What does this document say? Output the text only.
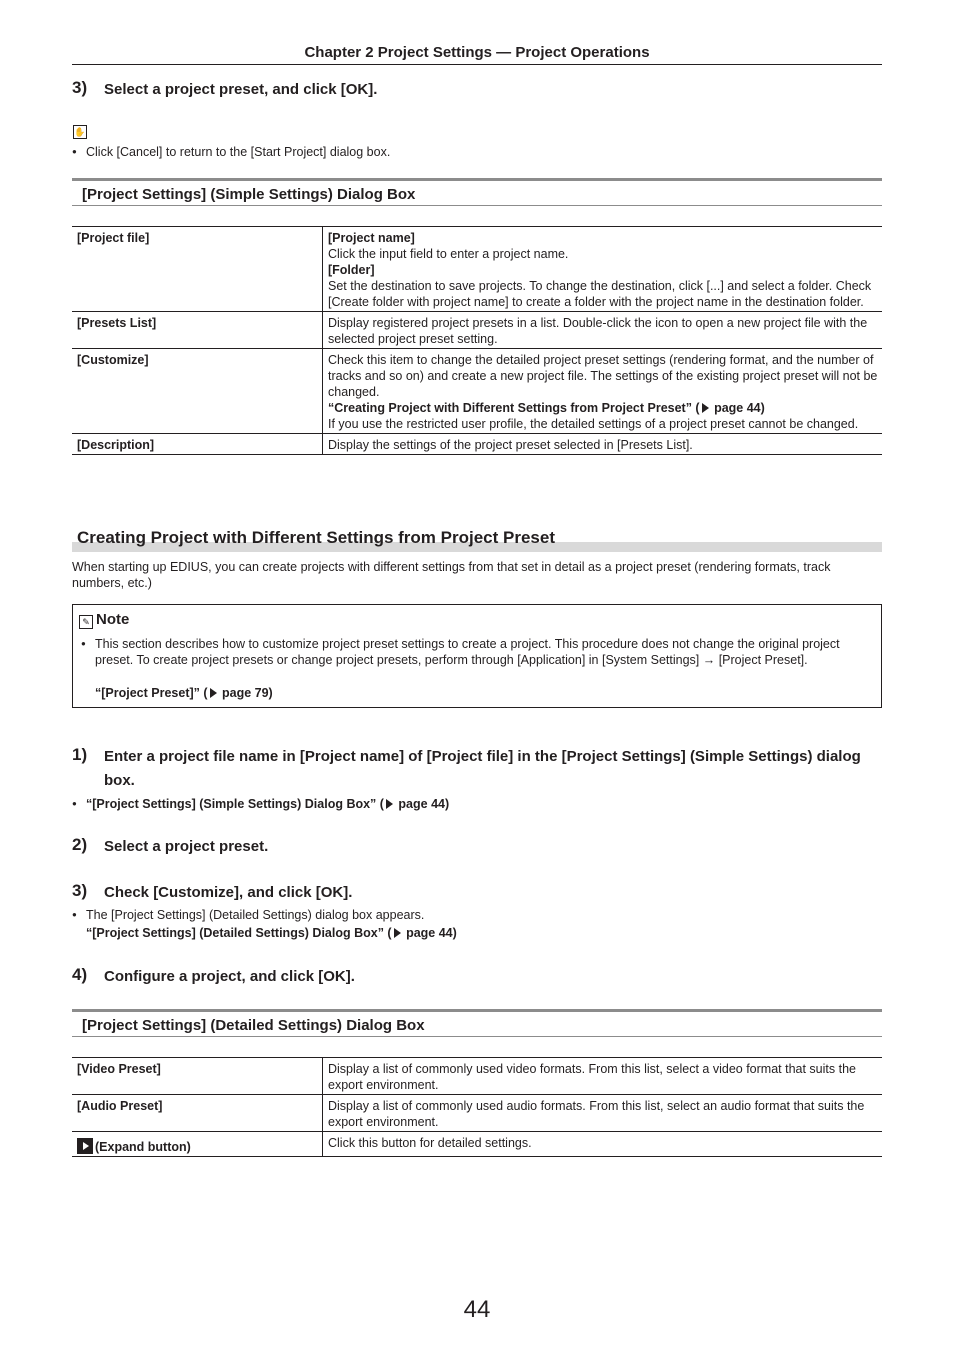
Chapter 2 Project Settings — Project Operations
3) Select a project preset, and click [OK].
✋
● Click [Cancel] to return to the [Start Project] dialog box.
[Project Settings] (Simple Settings) Dialog Box
[Project file]	[Project name]
Click the input field to enter a project name.
[Folder]
Set the destination to save projects. To change the destination, click [...] and select a folder. Check [Create folder with project name] to create a folder with the project name in the destination folder.

[Presets List]	Display registered project presets in a list. Double-click the icon to open a new project file with the selected project preset setting.
[Customize]	Check this item to change the detailed project preset settings (rendering format, and the number of tracks and so on) and create a new project file. The settings of the existing project preset will not be changed.
“Creating Project with Different Settings from Project Preset” ( page 44)
If you use the restricted user profile, the detailed settings of a project preset cannot be changed.

[Description]	Display the settings of the project preset selected in [Presets List].
Creating Project with Different Settings from Project Preset
When starting up EDIUS, you can create projects with different settings from that set in detail as a project preset (rendering formats, track numbers, etc.)
✎ Note
● This section describes how to customize project preset settings to create a project. This procedure does not change the original project preset. To create project presets or change project presets, perform through [Application] in [System Settings] → [Project Preset].
“[Project Preset]” ( page 79)
1) Enter a project file name in [Project name] of [Project file] in the [Project Settings] (Simple Settings) dialog box.
● “[Project Settings] (Simple Settings) Dialog Box” ( page 44)
2) Select a project preset.
3) Check [Customize], and click [OK].
● The [Project Settings] (Detailed Settings) dialog box appears.
“[Project Settings] (Detailed Settings) Dialog Box” ( page 44)
4) Configure a project, and click [OK].
[Project Settings] (Detailed Settings) Dialog Box
[Video Preset]	Display a list of commonly used video formats. From this list, select a video format that suits the export environment.
[Audio Preset]	Display a list of commonly used audio formats. From this list, select an audio format that suits the export environment.
(Expand button)	Click this button for detailed settings.
44
